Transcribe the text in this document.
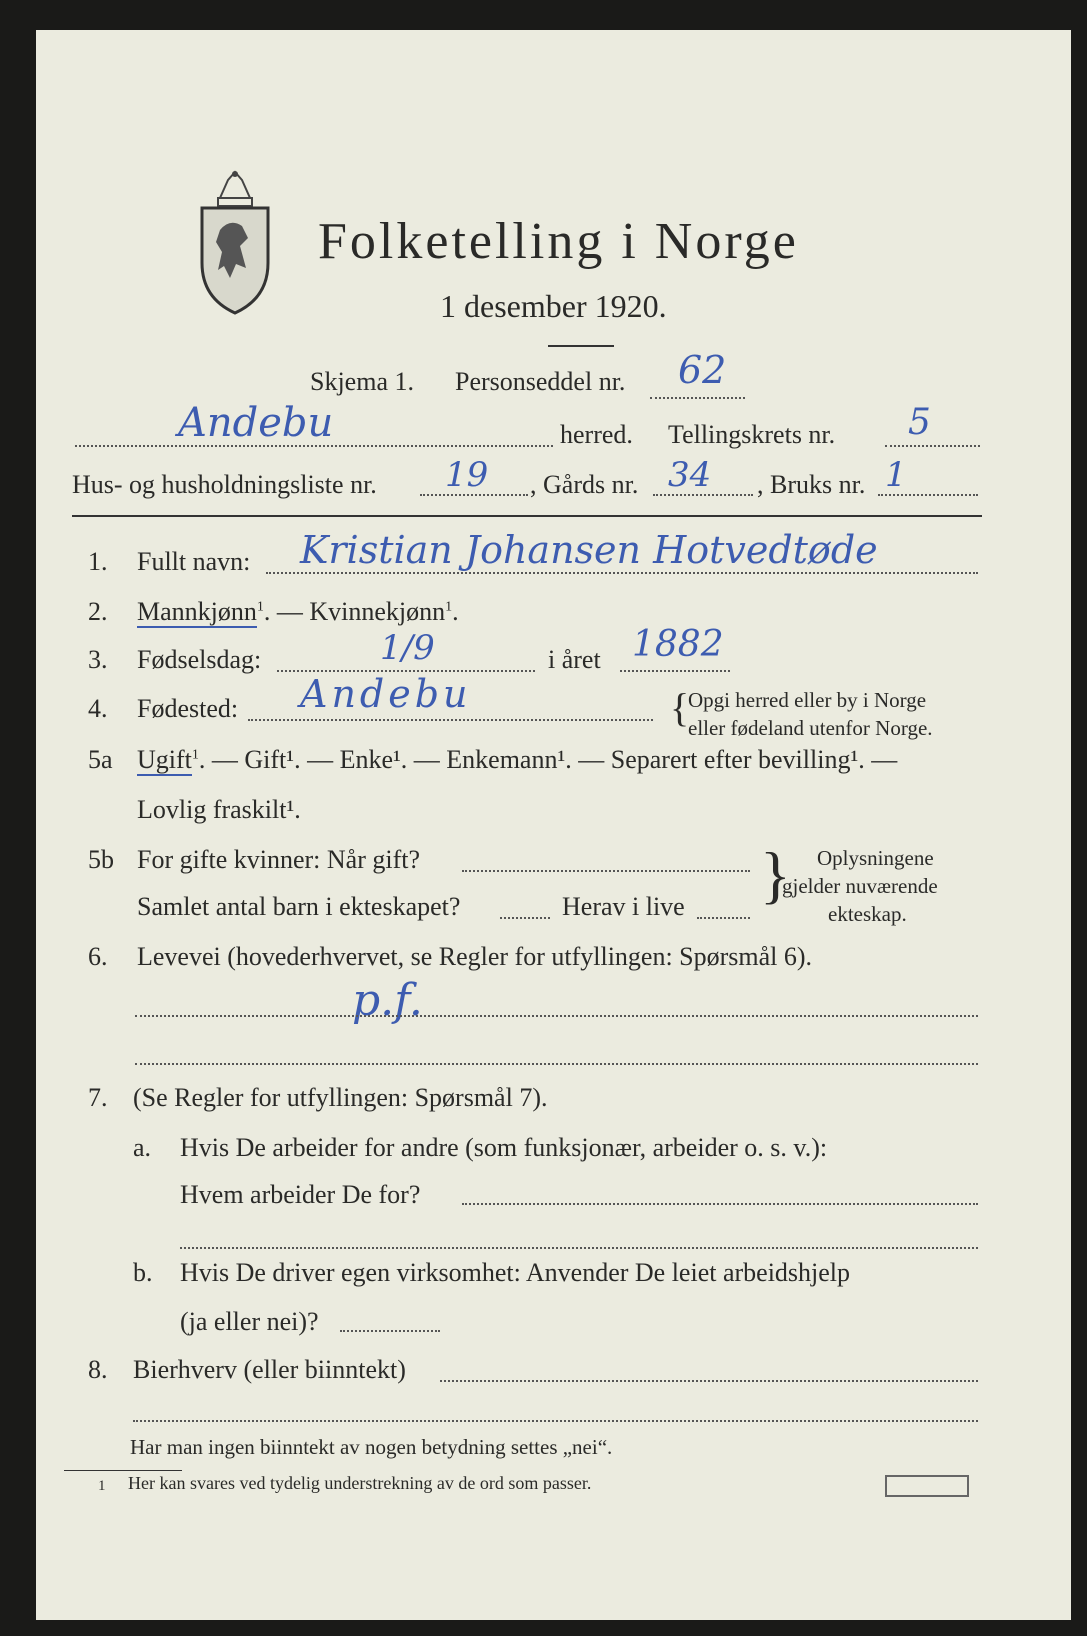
Folketelling i Norge
1 desember 1920.
Skjema 1. Personseddel nr. 62
Andebu	herred. Tellingskrets nr. 5
Hus- og husholdningsliste nr. 19 , Gårds nr. 34 , Bruks nr. 1
1. Fullt navn: Kristian Johansen Hotvedtøde
2. Mannkjønn$^1$. — Kvinnekjønn$^1$.
3. Fødselsdag:	1/9	i året 1882
4. Fødested: Andebu	{
Opgi herred eller by i Norge
eller fødeland utenfor Norge.
5a Ugift$^1$. — Gift¹. — Enke¹. — Enkemann¹. — Separert efter bevilling¹. —
Lovlig fraskilt¹.
5b For gifte kvinner: Når gift?
Samlet antal barn i ekteskapet?	Herav i live } Oplysningene
gjelder nuværende
ekteskap.
6. Levevei (hovederhvervet, se Regler for utfyllingen: Spørsmål 6).
p.f.
7. (Se Regler for utfyllingen: Spørsmål 7).
a. Hvis De arbeider for andre (som funksjonær, arbeider o. s. v.):
Hvem arbeider De for?
b. Hvis De driver egen virksomhet: Anvender De leiet arbeidshjelp
(ja eller nei)?
8. Bierhverv (eller biinntekt)
Har man ingen biinntekt av nogen betydning settes „nei“.
1 Her kan svares ved tydelig understrekning av de ord som passer.
